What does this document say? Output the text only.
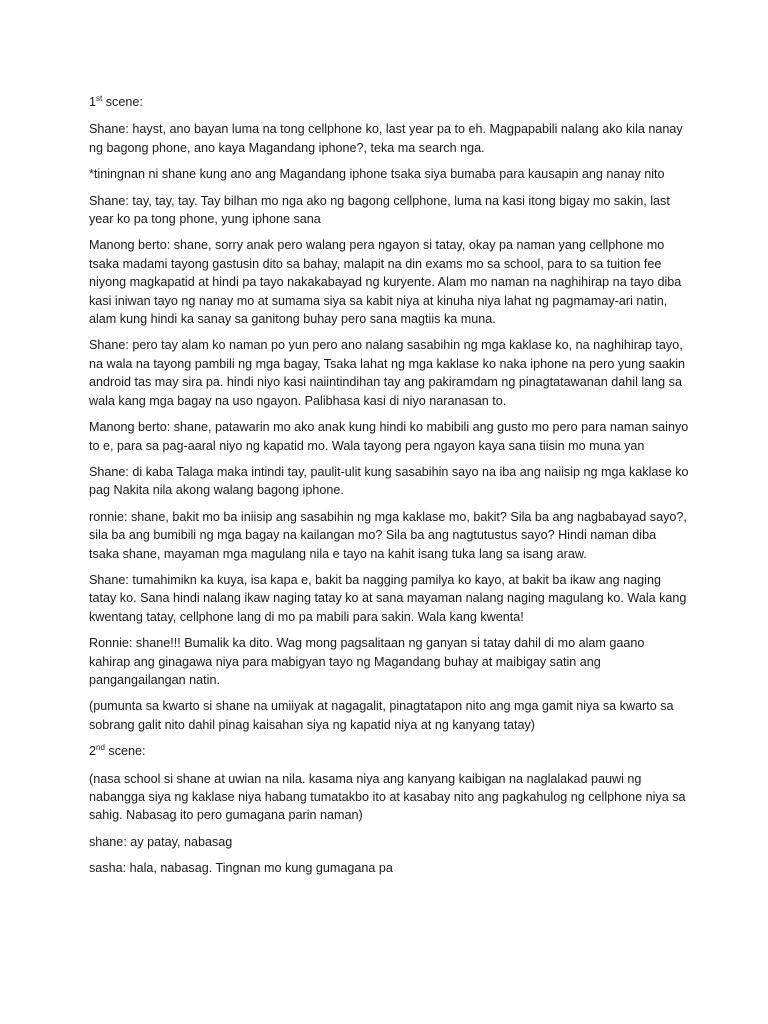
1st scene:

Shane: hayst, ano bayan luma na tong cellphone ko, last year pa to eh. Magpapabili nalang ako kila nanay ng bagong phone, ano kaya Magandang iphone?, teka ma search nga.

*tiningnan ni shane kung ano ang Magandang iphone tsaka siya bumaba para kausapin ang nanay nito

Shane: tay, tay, tay. Tay bilhan mo nga ako ng bagong cellphone, luma na kasi itong bigay mo sakin, last year ko pa tong phone, yung iphone sana

Manong berto: shane, sorry anak pero walang pera ngayon si tatay, okay pa naman yang cellphone mo tsaka madami tayong gastusin dito sa bahay, malapit na din exams mo sa school, para to sa tuition fee niyong magkapatid at hindi pa tayo nakakabayad ng kuryente. Alam mo naman na naghihirap na tayo diba kasi iniwan tayo ng nanay mo at sumama siya sa kabit niya at kinuha niya lahat ng pagmamay-ari natin, alam kung hindi ka sanay sa ganitong buhay pero sana magtiis ka muna.

Shane: pero tay alam ko naman po yun pero ano nalang sasabihin ng mga kaklase ko, na naghihirap tayo, na wala na tayong pambili ng mga bagay, Tsaka lahat ng mga kaklase ko naka iphone na pero yung saakin android tas may sira pa. hindi niyo kasi naiintindihan tay ang pakiramdam ng pinagtatawanan dahil lang sa wala kang mga bagay na uso ngayon. Palibhasa kasi di niyo naranasan to.

Manong berto: shane, patawarin mo ako anak kung hindi ko mabibili ang gusto mo pero para naman sainyo to e, para sa pag-aaral niyo ng kapatid mo. Wala tayong pera ngayon kaya sana tiisin mo muna yan

Shane: di kaba Talaga maka intindi tay, paulit-ulit kung sasabihin sayo na iba ang naiisip ng mga kaklase ko pag Nakita nila akong walang bagong iphone.

ronnie: shane, bakit mo ba iniisip ang sasabihin ng mga kaklase mo, bakit? Sila ba ang nagbabayad sayo?, sila ba ang bumibili ng mga bagay na kailangan mo? Sila ba ang nagtutustus sayo? Hindi naman diba tsaka shane, mayaman mga magulang nila e tayo na kahit isang tuka lang sa isang araw.

Shane: tumahimikn ka kuya, isa kapa e, bakit ba nagging pamilya ko kayo, at bakit ba ikaw ang naging tatay ko. Sana hindi nalang ikaw naging tatay ko at sana mayaman nalang naging magulang ko. Wala kang kwentang tatay, cellphone lang di mo pa mabili para sakin. Wala kang kwenta!

Ronnie: shane!!! Bumalik ka dito. Wag mong pagsalitaan ng ganyan si tatay dahil di mo alam gaano kahirap ang ginagawa niya para mabigyan tayo ng Magandang buhay at maibigay satin ang pangangailangan natin.

(pumunta sa kwarto si shane na umiiyak at nagagalit, pinagtatapon nito ang mga gamit niya sa kwarto sa sobrang galit nito dahil pinag kaisahan siya ng kapatid niya at ng kanyang tatay)

2nd scene:

(nasa school si shane at uwian na nila. kasama niya ang kanyang kaibigan na naglalakad pauwi ng nabangga siya ng kaklase niya habang tumatakbo ito at kasabay nito ang pagkahulog ng cellphone niya sa sahig. Nabasag ito pero gumagana parin naman)

shane: ay patay, nabasag

sasha: hala, nabasag. Tingnan mo kung gumagana pa
